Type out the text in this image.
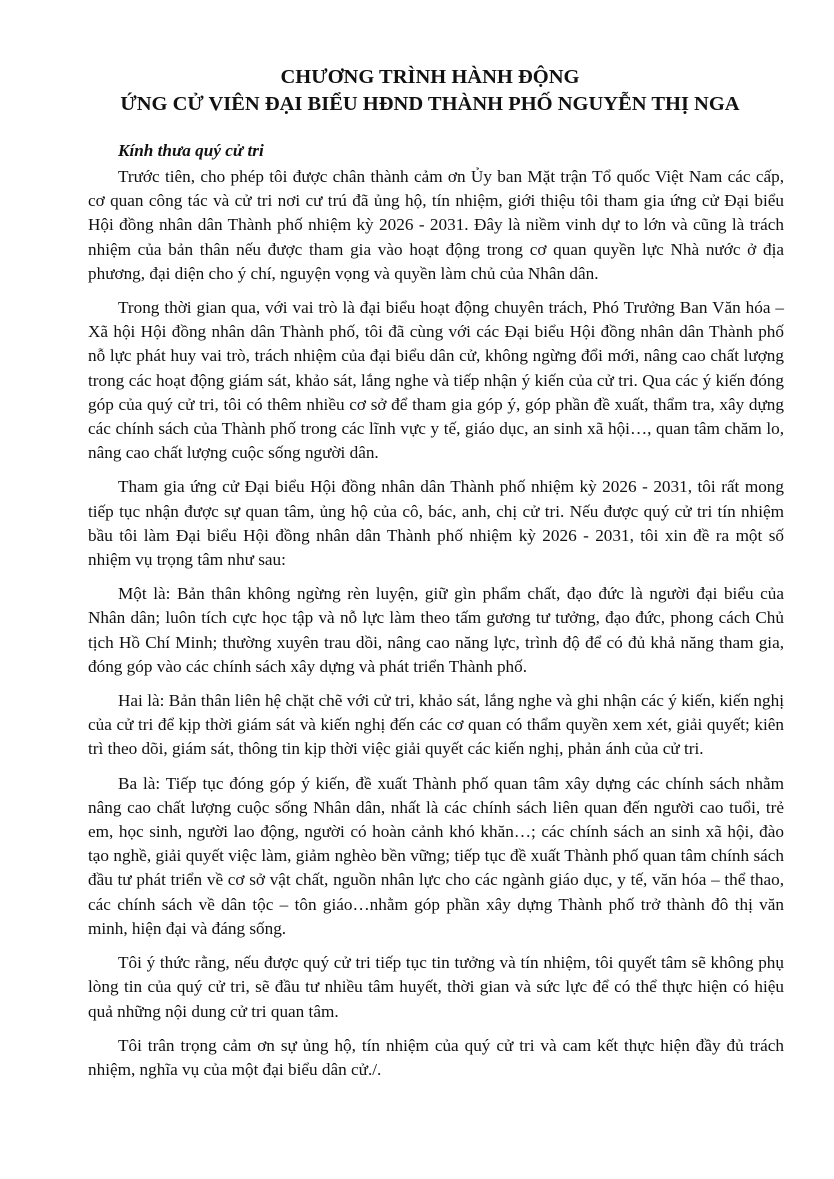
CHƯƠNG TRÌNH HÀNH ĐỘNG
ỨNG CỬ VIÊN ĐẠI BIỂU HĐND THÀNH PHỐ NGUYỄN THỊ NGA
Kính thưa quý cử tri

Trước tiên, cho phép tôi được chân thành cảm ơn Ủy ban Mặt trận Tổ quốc Việt Nam các cấp, cơ quan công tác và cử tri nơi cư trú đã ủng hộ, tín nhiệm, giới thiệu tôi tham gia ứng cử Đại biểu Hội đồng nhân dân Thành phố nhiệm kỳ 2026 - 2031. Đây là niềm vinh dự to lớn và cũng là trách nhiệm của bản thân nếu được tham gia vào hoạt động trong cơ quan quyền lực Nhà nước ở địa phương, đại diện cho ý chí, nguyện vọng và quyền làm chủ của Nhân dân.

Trong thời gian qua, với vai trò là đại biểu hoạt động chuyên trách, Phó Trưởng Ban Văn hóa – Xã hội Hội đồng nhân dân Thành phố, tôi đã cùng với các Đại biểu Hội đồng nhân dân Thành phố nỗ lực phát huy vai trò, trách nhiệm của đại biểu dân cử, không ngừng đổi mới, nâng cao chất lượng trong các hoạt động giám sát, khảo sát, lắng nghe và tiếp nhận ý kiến của cử tri. Qua các ý kiến đóng góp của quý cử tri, tôi có thêm nhiều cơ sở để tham gia góp ý, góp phần đề xuất, thẩm tra, xây dựng các chính sách của Thành phố trong các lĩnh vực y tế, giáo dục, an sinh xã hội…, quan tâm chăm lo, nâng cao chất lượng cuộc sống người dân.

Tham gia ứng cử Đại biểu Hội đồng nhân dân Thành phố nhiệm kỳ 2026 - 2031, tôi rất mong tiếp tục nhận được sự quan tâm, ủng hộ của cô, bác, anh, chị cử tri. Nếu được quý cử tri tín nhiệm bầu tôi làm Đại biểu Hội đồng nhân dân Thành phố nhiệm kỳ 2026 - 2031, tôi xin đề ra một số nhiệm vụ trọng tâm như sau:

Một là: Bản thân không ngừng rèn luyện, giữ gìn phẩm chất, đạo đức là người đại biểu của Nhân dân; luôn tích cực học tập và nỗ lực làm theo tấm gương tư tưởng, đạo đức, phong cách Chủ tịch Hồ Chí Minh; thường xuyên trau dồi, nâng cao năng lực, trình độ để có đủ khả năng tham gia, đóng góp vào các chính sách xây dựng và phát triển Thành phố.

Hai là: Bản thân liên hệ chặt chẽ với cử tri, khảo sát, lắng nghe và ghi nhận các ý kiến, kiến nghị của cử tri để kịp thời giám sát và kiến nghị đến các cơ quan có thẩm quyền xem xét, giải quyết; kiên trì theo dõi, giám sát, thông tin kịp thời việc giải quyết các kiến nghị, phản ánh của cử tri.

Ba là: Tiếp tục đóng góp ý kiến, đề xuất Thành phố quan tâm xây dựng các chính sách nhằm nâng cao chất lượng cuộc sống Nhân dân, nhất là các chính sách liên quan đến người cao tuổi, trẻ em, học sinh, người lao động, người có hoàn cảnh khó khăn…; các chính sách an sinh xã hội, đào tạo nghề, giải quyết việc làm, giảm nghèo bền vững; tiếp tục đề xuất Thành phố quan tâm chính sách đầu tư phát triển về cơ sở vật chất, nguồn nhân lực cho các ngành giáo dục, y tế, văn hóa – thể thao, các chính sách về dân tộc – tôn giáo…nhằm góp phần xây dựng Thành phố trở thành đô thị văn minh, hiện đại và đáng sống.

Tôi ý thức rằng, nếu được quý cử tri tiếp tục tin tưởng và tín nhiệm, tôi quyết tâm sẽ không phụ lòng tin của quý cử tri, sẽ đầu tư nhiều tâm huyết, thời gian và sức lực để có thể thực hiện có hiệu quả những nội dung cử tri quan tâm.

Tôi trân trọng cảm ơn sự ủng hộ, tín nhiệm của quý cử tri và cam kết thực hiện đầy đủ trách nhiệm, nghĩa vụ của một đại biểu dân cử./.
